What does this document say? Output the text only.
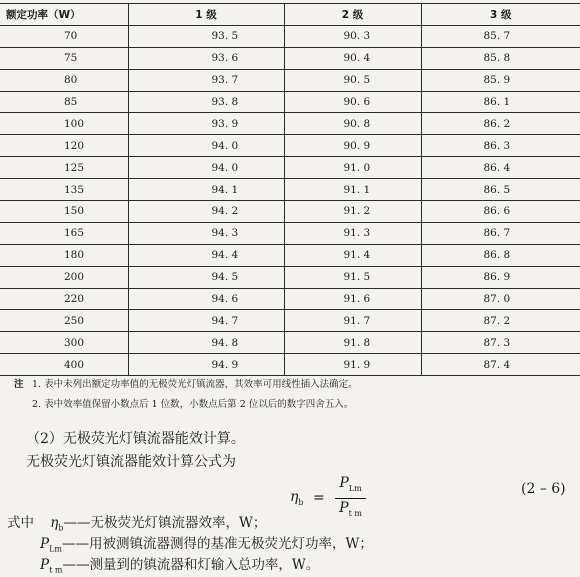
额定功率（W）	1 级	2 级	3 级
70	93. 5	90. 3	85. 7
75	93. 6	90. 4	85. 8
80	93. 7	90. 5	85. 9
85	93. 8	90. 6	86. 1
100	93. 9	90. 8	86. 2
120	94. 0	90. 9	86. 3
125	94. 0	91. 0	86. 4
135	94. 1	91. 1	86. 5
150	94. 2	91. 2	86. 6
165	94. 3	91. 3	86. 7
180	94. 4	91. 4	86. 8
200	94. 5	91. 5	86. 9
220	94. 6	91. 6	87. 0
250	94. 7	91. 7	87. 2
300	94. 8	91. 8	87. 3
400	94. 9	91. 9	87. 4
注 1. 表中未列出额定功率值的无极荧光灯镇流器，其效率可用线性插入法确定。
2. 表中效率值保留小数点后 1 位数，小数点后第 2 位以后的数字四舍五入。
（2）无极荧光灯镇流器能效计算。
无极荧光灯镇流器能效计算公式为
$\eta_b = \frac{P_{Lm}}{P_{t m}}$	(2 – 6)
式中 $\eta_b——$无极荧光灯镇流器效率，W；
$P_{Lm}——$用被测镇流器测得的基准无极荧光灯功率，W；
$P_{t m}——$测量到的镇流器和灯输入总功率，W。
